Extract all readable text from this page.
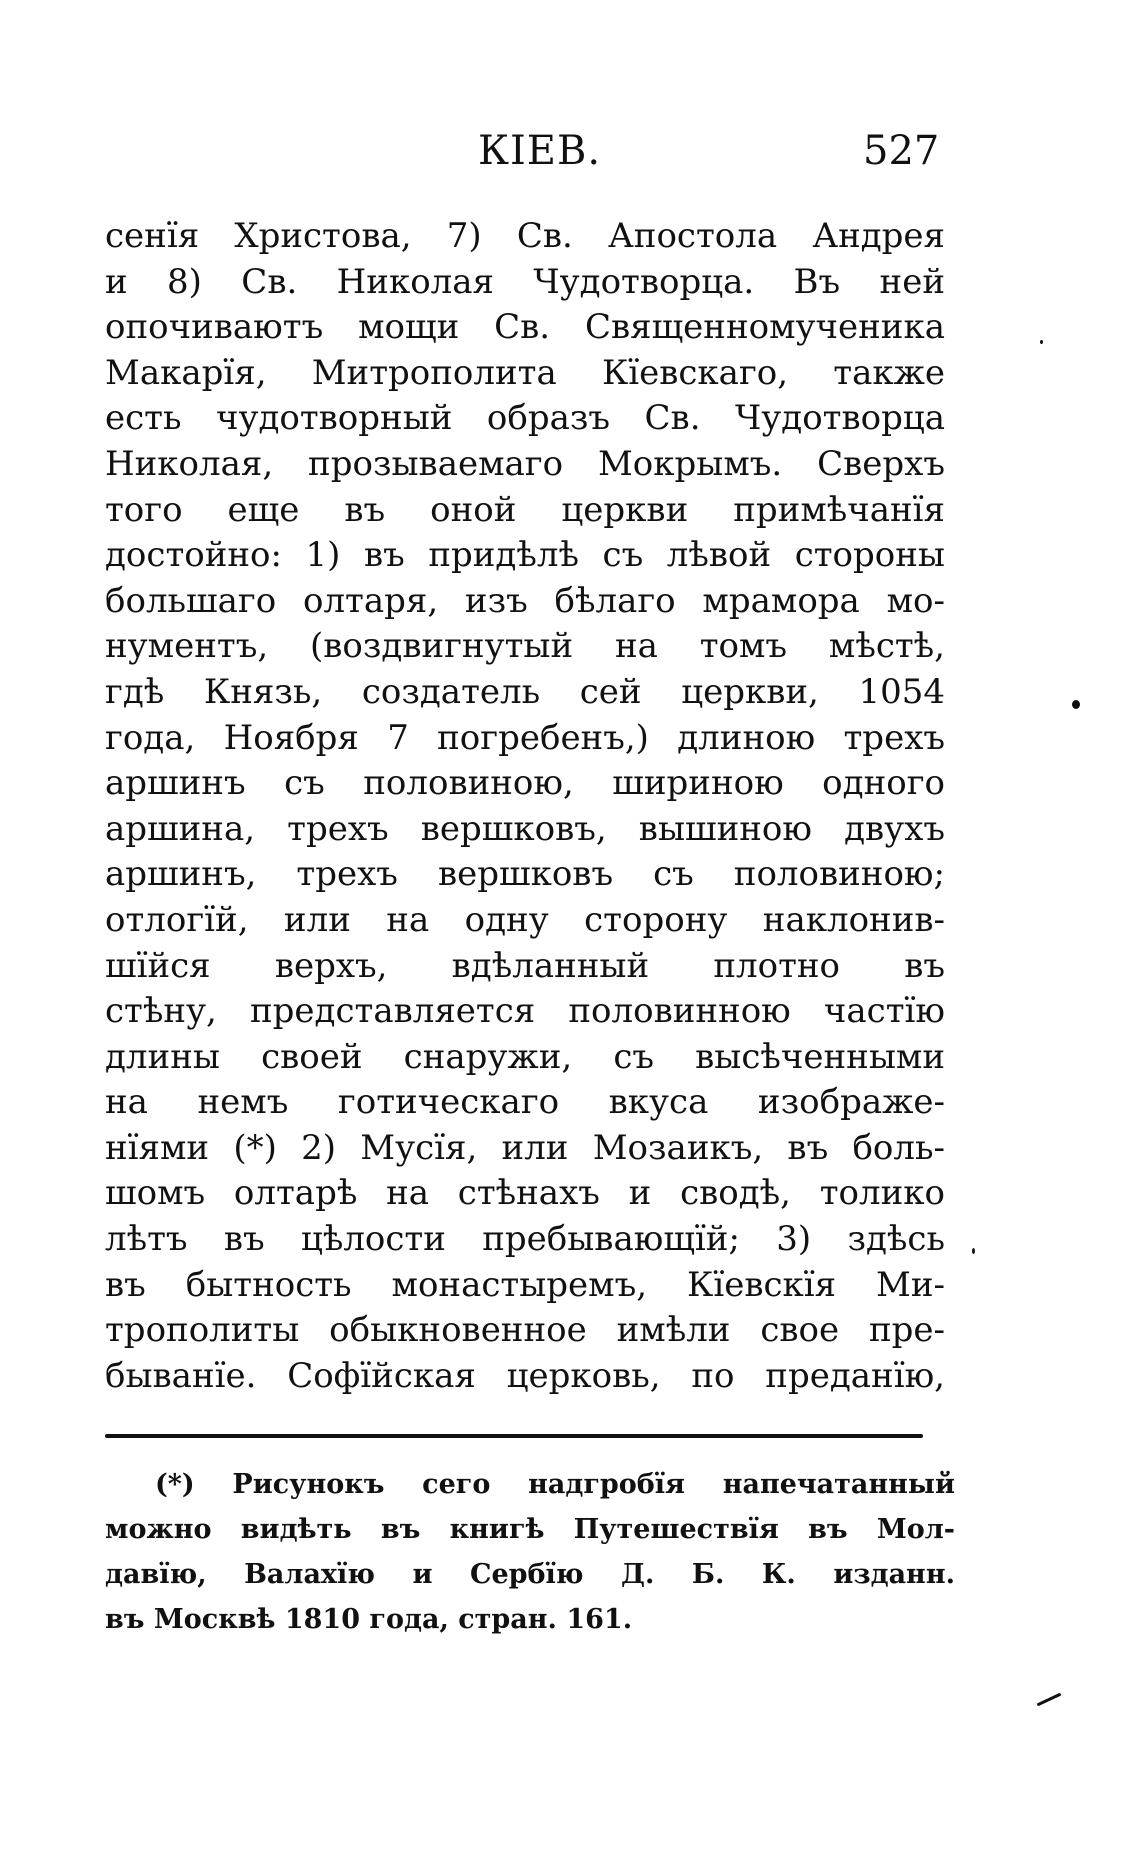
КIЕВ.	527
сенїя Христова, 7) Св. Апостола Андрея
и 8) Св. Николая Чудотворца. Въ ней
опочиваютъ мощи Св. Священномученика
Макарїя, Митрополита Кїевскаго, также
есть чудотворный образъ Св. Чудотворца
Николая, прозываемаго Мокрымъ. Сверхъ
того еще въ оной церкви примѣчанїя
достойно: 1) въ придѣлѣ съ лѣвой стороны
большаго олтаря, изъ бѣлаго мрамора мо-
нументъ, (воздвигнутый на томъ мѣстѣ,
гдѣ Князь, создатель сей церкви, 1054
года, Ноября 7 погребенъ,) длиною трехъ
аршинъ съ половиною, шириною одного
аршина, трехъ вершковъ, вышиною двухъ
аршинъ, трехъ вершковъ съ половиною;
отлогїй, или на одну сторону наклонив-
шїйся верхъ, вдѣланный плотно въ
стѣну, представляется половинною частїю
длины своей снаружи, съ высѣченными
на немъ готическаго вкуса изображе-
нїями (*) 2) Мусїя, или Мозаикъ, въ боль-
шомъ олтарѣ на стѣнахъ и сводѣ, толико
лѣтъ въ цѣлости пребывающїй; 3) здѣсь
въ бытность монастыремъ, Кїевскїя Ми-
трополиты обыкновенное имѣли свое пре-
быванїе. Софїйская церковь, по преданїю,
(*) Рисунокъ сего надгробїя напечатанный
можно видѣть въ книгѣ Путешествїя въ Мол-
давїю, Валахїю и Сербїю Д. Б. К. изданн.
въ Москвѣ 1810 года, стран. 161.
